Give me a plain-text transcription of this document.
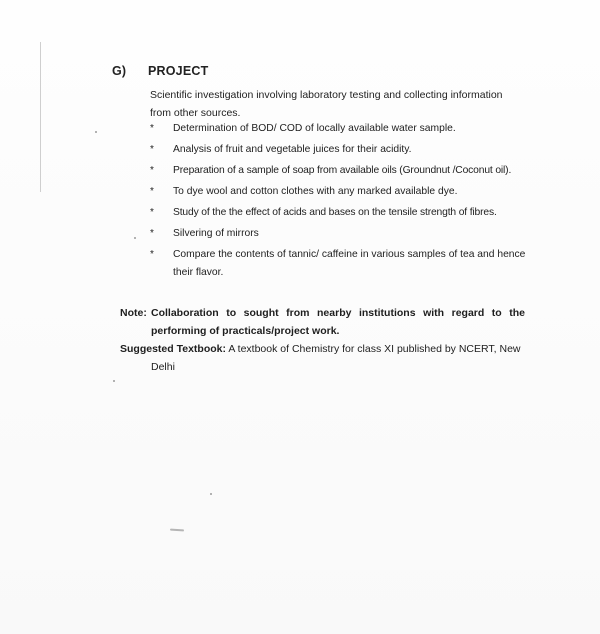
G) PROJECT
Scientific investigation involving laboratory testing and collecting information from other sources.
* Determination of BOD/ COD of locally available water sample.
* Analysis of fruit and vegetable juices for their acidity.
* Preparation of a sample of soap from available oils (Groundnut /Coconut oil).
* To dye wool and cotton clothes with any marked available dye.
* Study of the the effect of acids and bases on the tensile strength of fibres.
* Silvering of mirrors
* Compare the contents of tannic/ caffeine in various samples of tea and hence their flavor.
Note: Collaboration to sought from nearby institutions with regard to the
performing of practicals/project work.
Suggested Textbook: A textbook of Chemistry for class XI published by NCERT, New
Delhi
